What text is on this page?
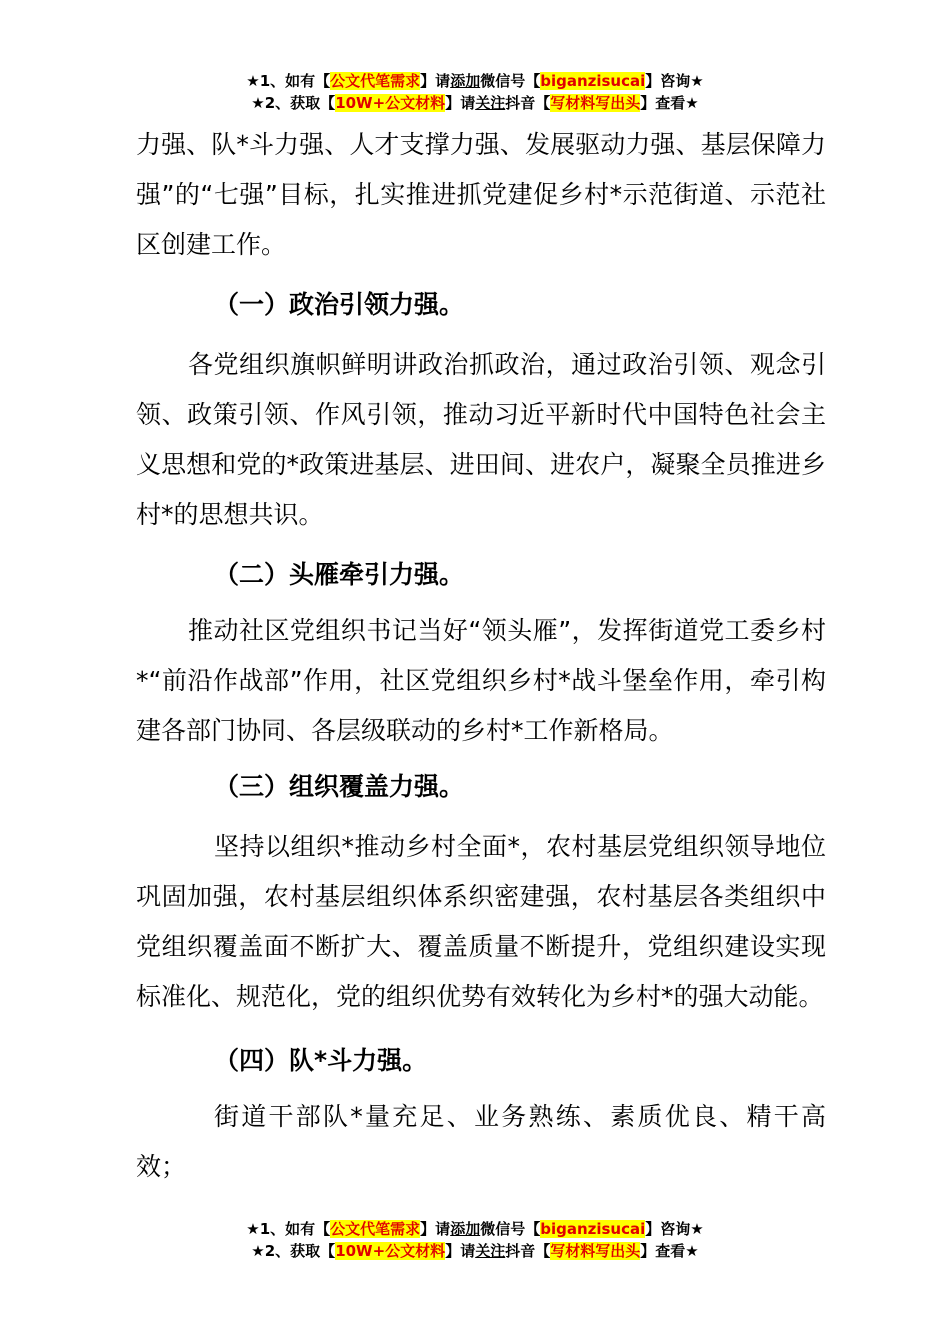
★1、如有【公文代笔需求】请添加微信号【biganzisucai】咨询★
★2、获取【10W+公文材料】请关注抖音【写材料写出头】查看★

力强、队*斗力强、人才支撑力强、发展驱动力强、基层保障力强”的“七强”目标，扎实推进抓党建促乡村*示范街道、示范社区创建工作。

（一）政治引领力强。

各党组织旗帜鲜明讲政治抓政治，通过政治引领、观念引领、政策引领、作风引领，推动习近平新时代中国特色社会主义思想和党的*政策进基层、进田间、进农户，凝聚全员推进乡村*的思想共识。

（二）头雁牵引力强。

推动社区党组织书记当好“领头雁”，发挥街道党工委乡村*“前沿作战部”作用，社区党组织乡村*战斗堡垒作用，牵引构建各部门协同、各层级联动的乡村*工作新格局。

（三）组织覆盖力强。

坚持以组织*推动乡村全面*，农村基层党组织领导地位巩固加强，农村基层组织体系织密建强，农村基层各类组织中党组织覆盖面不断扩大、覆盖质量不断提升，党组织建设实现标准化、规范化，党的组织优势有效转化为乡村*的强大动能。

（四）队*斗力强。

街道干部队*量充足、业务熟练、素质优良、精干高效；

★1、如有【公文代笔需求】请添加微信号【biganzisucai】咨询★
★2、获取【10W+公文材料】请关注抖音【写材料写出头】查看★
